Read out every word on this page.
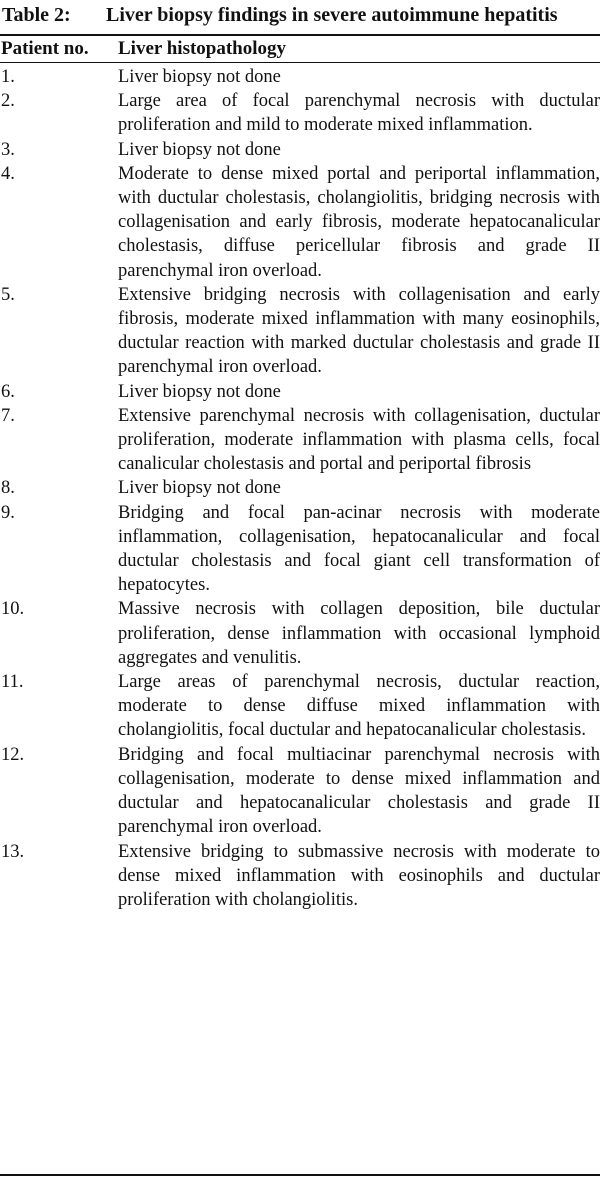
Table 2: Liver biopsy findings in severe autoimmune hepatitis
Patient no. Liver histopathology
1.	Liver biopsy not done
2.	Large area of focal parenchymal necrosis with ductular proliferation and mild to moderate mixed inflammation.
3.	Liver biopsy not done
4.	Moderate to dense mixed portal and periportal inflammation, with ductular cholestasis, cholangiolitis, bridging necrosis with collagenisation and early fibrosis, moderate hepatocanalicular cholestasis, diffuse pericellular fibrosis and grade II parenchymal iron overload.
5.	Extensive bridging necrosis with collagenisation and early fibrosis, moderate mixed inflammation with many eosinophils, ductular reaction with marked ductular cholestasis and grade II parenchymal iron overload.
6.	Liver biopsy not done
7.	Extensive parenchymal necrosis with collagenisation, ductular proliferation, moderate inflammation with plasma cells, focal canalicular cholestasis and portal and periportal fibrosis
8.	Liver biopsy not done
9.	Bridging and focal pan-acinar necrosis with moderate inflammation, collagenisation, hepatocanalicular and focal ductular cholestasis and focal giant cell transformation of hepatocytes.
10.	Massive necrosis with collagen deposition, bile ductular proliferation, dense inflammation with occasional lymphoid aggregates and venulitis.
11.	Large areas of parenchymal necrosis, ductular reaction, moderate to dense diffuse mixed inflammation with cholangiolitis, focal ductular and hepatocanalicular cholestasis.
12.	Bridging and focal multiacinar parenchymal necrosis with collagenisation, moderate to dense mixed inflammation and ductular and hepatocanalicular cholestasis and grade II parenchymal iron overload.
13.	Extensive bridging to submassive necrosis with moderate to dense mixed inflammation with eosinophils and ductular proliferation with cholangiolitis.
